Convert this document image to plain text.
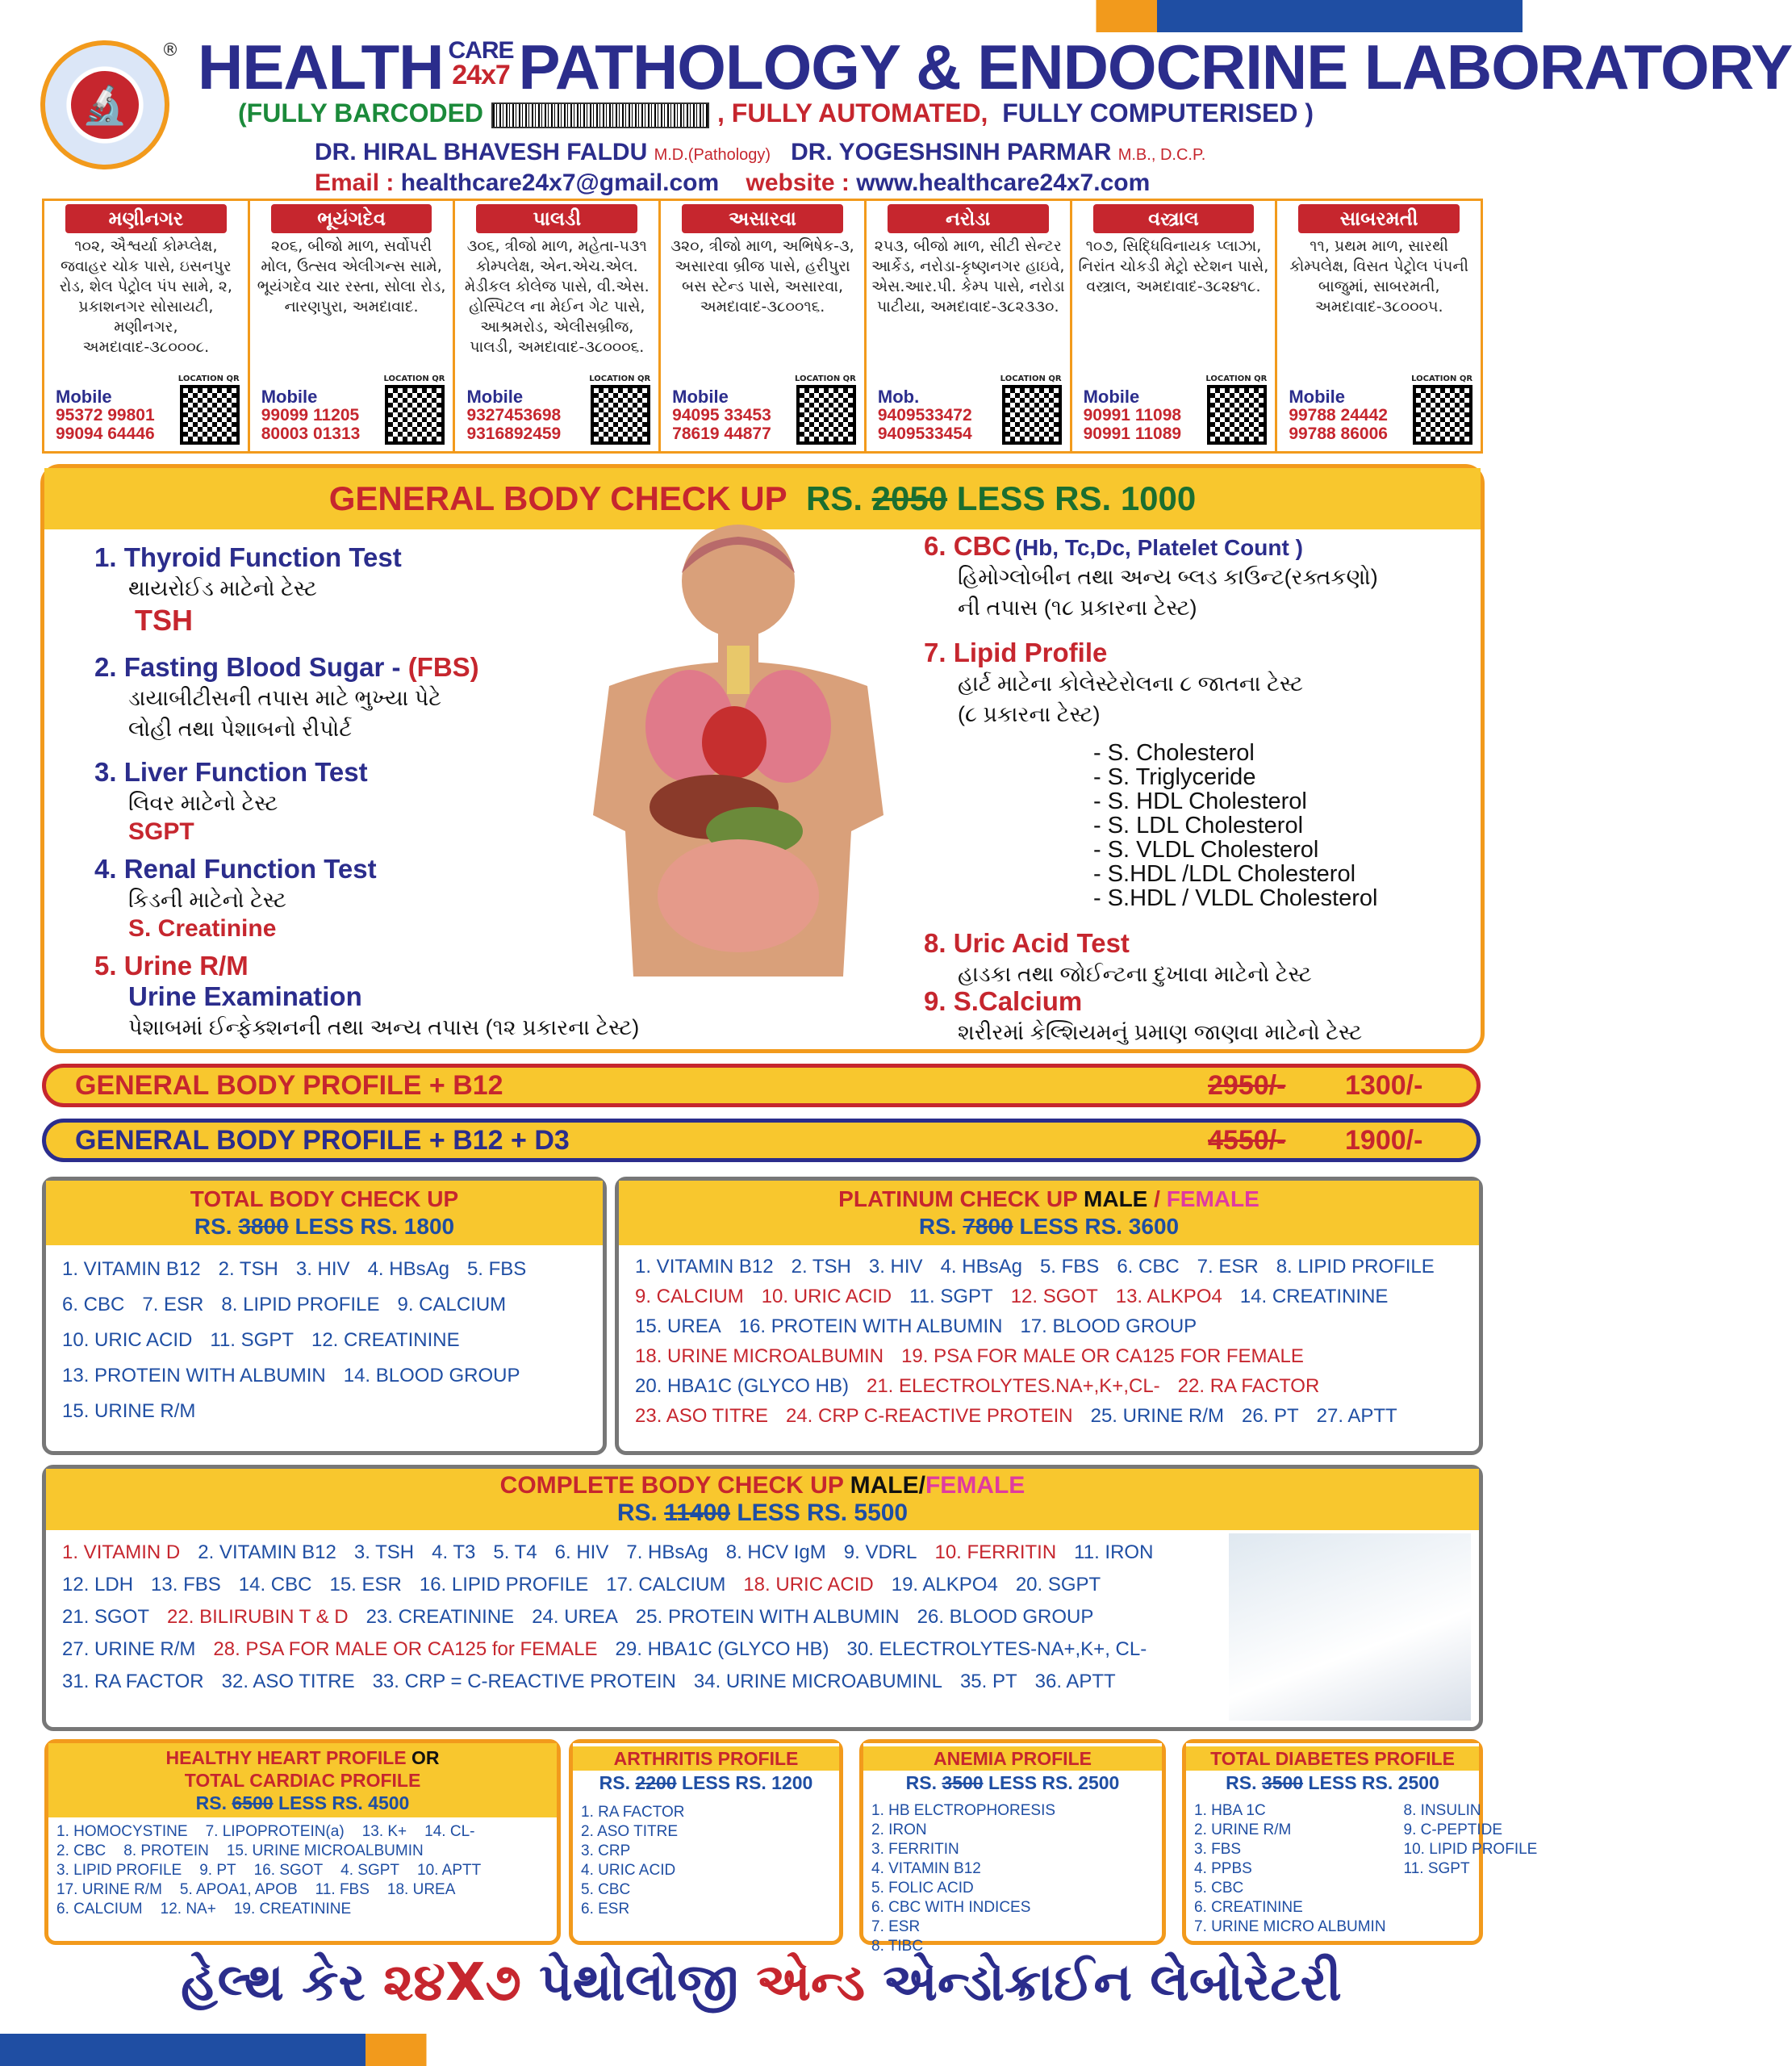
🔬
® HEALTH CARE
24x7 PATHOLOGY & ENDOCRINE LABORATORY
(FULLY BARCODED	, FULLY AUTOMATED, FULLY COMPUTERISED )
DR. HIRAL BHAVESH FALDU M.D.(Pathology) DR. YOGESHSINH PARMAR M.B., D.C.P.
Email : healthcare24x7@gmail.com website : www.healthcare24x7.com
મણીનગર
૧૦૨, ઐશ્વર્યા કોમ્પ્લેક્ષ, જવાહર ચોક પાસે, ઇસનપુર રોડ, શેલ પેટ્રોલ પંપ સામે, ૨, પ્રકાશનગર સોસાયટી, મણીનગર, અમદાવાદ-૩૮૦૦૦૮.
Mobile
95372 99801
99094 64446
LOCATION QR
ભૂયંગદેવ
૨૦૬, બીજો માળ, સર્વોપરી મોલ, ઉત્સવ એલીગન્સ સામે, ભૂયંગદેવ ચાર રસ્તા, સોલા રોડ, નારણપુરા, અમદાવાદ.
Mobile
99099 11205
80003 01313
LOCATION QR
પાલડી
૩૦૬, ત્રીજો માળ, મહેતા-૫૩૧ કોમ્પલેક્ષ, એન.એચ.એલ. મેડીકલ કોલેજ પાસે, વી.એસ. હોસ્પિટલ ના મેઈન ગેટ પાસે, આશ્રમરોડ, એલીસબ્રીજ, પાલડી, અમદાવાદ-૩૮૦૦૦૬.
Mobile
9327453698
9316892459
LOCATION QR
અસારવા
૩૨૦, ત્રીજો માળ, અભિષેક-૩, અસારવા બ્રીજ પાસે, હરીપુરા બસ સ્ટેન્ડ પાસે, અસારવા, અમદાવાદ-૩૮૦૦૧૬.
Mobile
94095 33453
78619 44877
LOCATION QR
નરોડા
૨૫૩, બીજો માળ, સીટી સેન્ટર આર્કેડ, નરોડા-કૃષ્ણનગર હાઇવે, એસ.આર.પી. કેમ્પ પાસે, નરોડા પાટીયા, અમદાવાદ-૩૮૨૩૩૦.
Mob.
9409533472
9409533454
LOCATION QR
વસ્ત્રાલ
૧૦૭, સિદ્ધિવિનાયક પ્લાઝા, નિરાંત ચોકડી મેટ્રો સ્ટેશન પાસે, વસ્ત્રાલ, અમદાવાદ-૩૮૨૪૧૮.
Mobile
90991 11098
90991 11089
LOCATION QR
સાબરમતી
૧૧, પ્રથમ માળ, સારથી કોમ્પલેક્ષ, વિસત પેટ્રોલ પંપની બાજુમાં, સાબરમતી, અમદાવાદ-૩૮૦૦૦૫.
Mobile
99788 24442
99788 86006
LOCATION QR
GENERAL BODY CHECK UP RS. 2050 LESS RS. 1000
1. Thyroid Function Test
થાયરોઈડ માટેનો ટેસ્ટ
TSH
2. Fasting Blood Sugar - (FBS)
ડાયાબીટીસની તપાસ માટે ભુખ્યા પેટે
લોહી તથા પેશાબનો રીપોર્ટ
3. Liver Function Test
લિવર માટેનો ટેસ્ટ
SGPT
4. Renal Function Test
કિડની માટેનો ટેસ્ટ
S. Creatinine
5. Urine R/M
Urine Examination
પેશાબમાં ઈન્ફેક્શનની તથા અન્ય તપાસ (૧૨ પ્રકારના ટેસ્ટ)
6. CBC (Hb, Tc,Dc, Platelet Count )
હિમોગ્લોબીન તથા અન્ય બ્લડ કાઉન્ટ(રક્તકણો)
ની તપાસ (૧૮ પ્રકારના ટેસ્ટ)
7. Lipid Profile
હાર્ટ માટેના કોલેસ્ટેરોલના ૮ જાતના ટેસ્ટ
(૮ પ્રકારના ટેસ્ટ)
- S. Cholesterol
- S. Triglyceride
- S. HDL Cholesterol
- S. LDL Cholesterol
- S. VLDL Cholesterol
- S.HDL /LDL Cholesterol
- S.HDL / VLDL Cholesterol
8. Uric Acid Test
હાડકા તથા જોઈન્ટના દુખાવા માટેનો ટેસ્ટ
9. S.Calcium
શરીરમાં કેલ્શિયમનું પ્રમાણ જાણવા માટેનો ટેસ્ટ
GENERAL BODY PROFILE + B12	2950/- 1300/-
GENERAL BODY PROFILE + B12 + D3	4550/- 1900/-
TOTAL BODY CHECK UP
RS. 3800 LESS RS. 1800
1. VITAMIN B12 2. TSH 3. HIV 4. HBsAg 5. FBS
6. CBC 7. ESR 8. LIPID PROFILE 9. CALCIUM
10. URIC ACID 11. SGPT 12. CREATININE
13. PROTEIN WITH ALBUMIN 14. BLOOD GROUP
15. URINE R/M
PLATINUM CHECK UP MALE / FEMALE
RS. 7800 LESS RS. 3600
1. VITAMIN B12 2. TSH 3. HIV 4. HBsAg 5. FBS 6. CBC 7. ESR 8. LIPID PROFILE
9. CALCIUM 10. URIC ACID 11. SGPT 12. SGOT 13. ALKPO4 14. CREATININE
15. UREA 16. PROTEIN WITH ALBUMIN 17. BLOOD GROUP
18. URINE MICROALBUMIN 19. PSA FOR MALE OR CA125 FOR FEMALE
20. HBA1C (GLYCO HB) 21. ELECTROLYTES.NA+,K+,CL- 22. RA FACTOR
23. ASO TITRE 24. CRP C-REACTIVE PROTEIN 25. URINE R/M 26. PT 27. APTT
COMPLETE BODY CHECK UP MALE/FEMALE
RS. 11400 LESS RS. 5500
1. VITAMIN D 2. VITAMIN B12 3. TSH 4. T3 5. T4 6. HIV 7. HBsAg 8. HCV IgM 9. VDRL 10. FERRITIN 11. IRON
12. LDH 13. FBS 14. CBC 15. ESR 16. LIPID PROFILE 17. CALCIUM 18. URIC ACID 19. ALKPO4 20. SGPT
21. SGOT 22. BILIRUBIN T & D 23. CREATININE 24. UREA 25. PROTEIN WITH ALBUMIN 26. BLOOD GROUP
27. URINE R/M 28. PSA FOR MALE OR CA125 for FEMALE 29. HBA1C (GLYCO HB) 30. ELECTROLYTES-NA+,K+, CL-
31. RA FACTOR 32. ASO TITRE 33. CRP = C-REACTIVE PROTEIN 34. URINE MICROABUMINL 35. PT 36. APTT
HEALTHY HEART PROFILE OR
TOTAL CARDIAC PROFILE
RS. 6500 LESS RS. 4500
1. HOMOCYSTINE 7. LIPOPROTEIN(a) 13. K+ 14. CL-
2. CBC 8. PROTEIN 15. URINE MICROALBUMIN
3. LIPID PROFILE 9. PT 16. SGOT 4. SGPT 10. APTT
17. URINE R/M 5. APOA1, APOB 11. FBS 18. UREA
6. CALCIUM 12. NA+ 19. CREATININE
ARTHRITIS PROFILE
RS. 2200 LESS RS. 1200
1. RA FACTOR
2. ASO TITRE
3. CRP
4. URIC ACID
5. CBC
6. ESR
ANEMIA PROFILE
RS. 3500 LESS RS. 2500
1. HB ELCTROPHORESIS
2. IRON
3. FERRITIN
4. VITAMIN B12
5. FOLIC ACID
6. CBC WITH INDICES
7. ESR
8. TIBC
TOTAL DIABETES PROFILE
RS. 3500 LESS RS. 2500
1. HBA 1C
2. URINE R/M
3. FBS
4. PPBS
5. CBC
6. CREATININE
7. URINE MICRO ALBUMIN
8. INSULIN
9. C-PEPTIDE
10. LIPID PROFILE
11. SGPT
હેલ્થ કેર ૨૪X૭ પેથોલોજી એન્ડ એન્ડોક્રાઈન લેબોરેટરી
